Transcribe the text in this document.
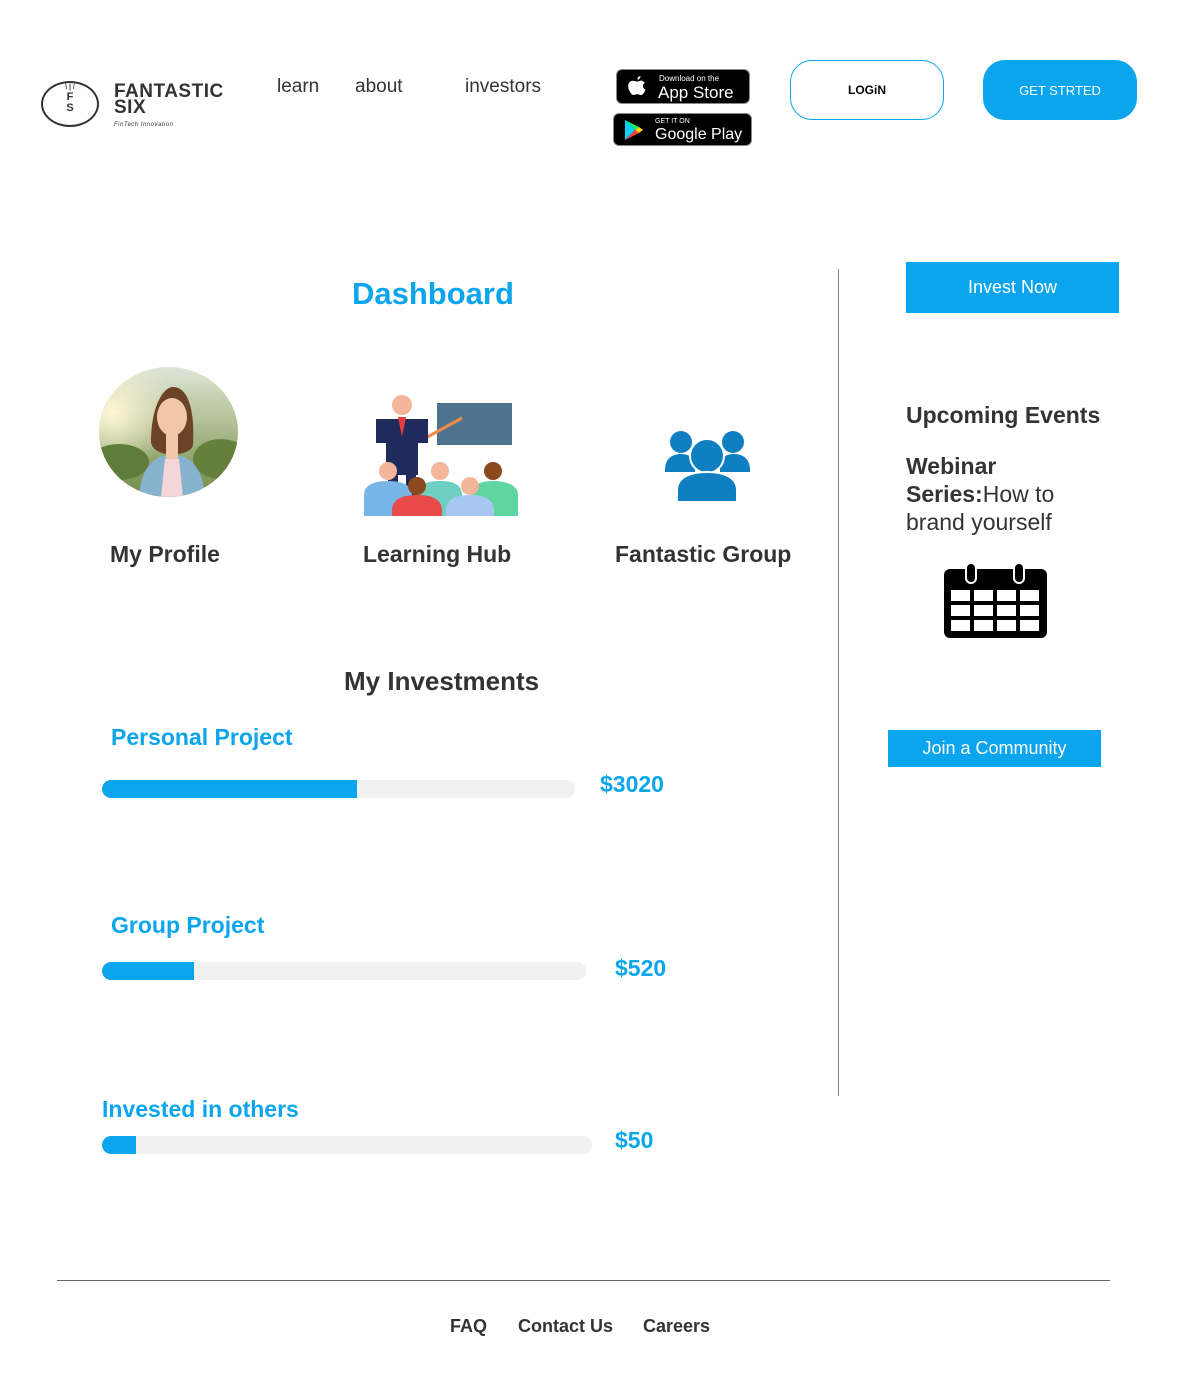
\ | /
F
S
FANTASTIC
SIX
FinTech Innovation
learn about	investors	Download on the
App Store
GET IT ON
Google Play
LOGiN	GET STRTED
Dashboard
My Profile	Learning Hub	Fantastic Group
My Investments
Personal Project
$3020
Group Project
$520
Invested in others
$50
Invest Now
Upcoming Events
Webinar Series:How to brand yourself
Join a Community
FAQ Contact Us Careers
